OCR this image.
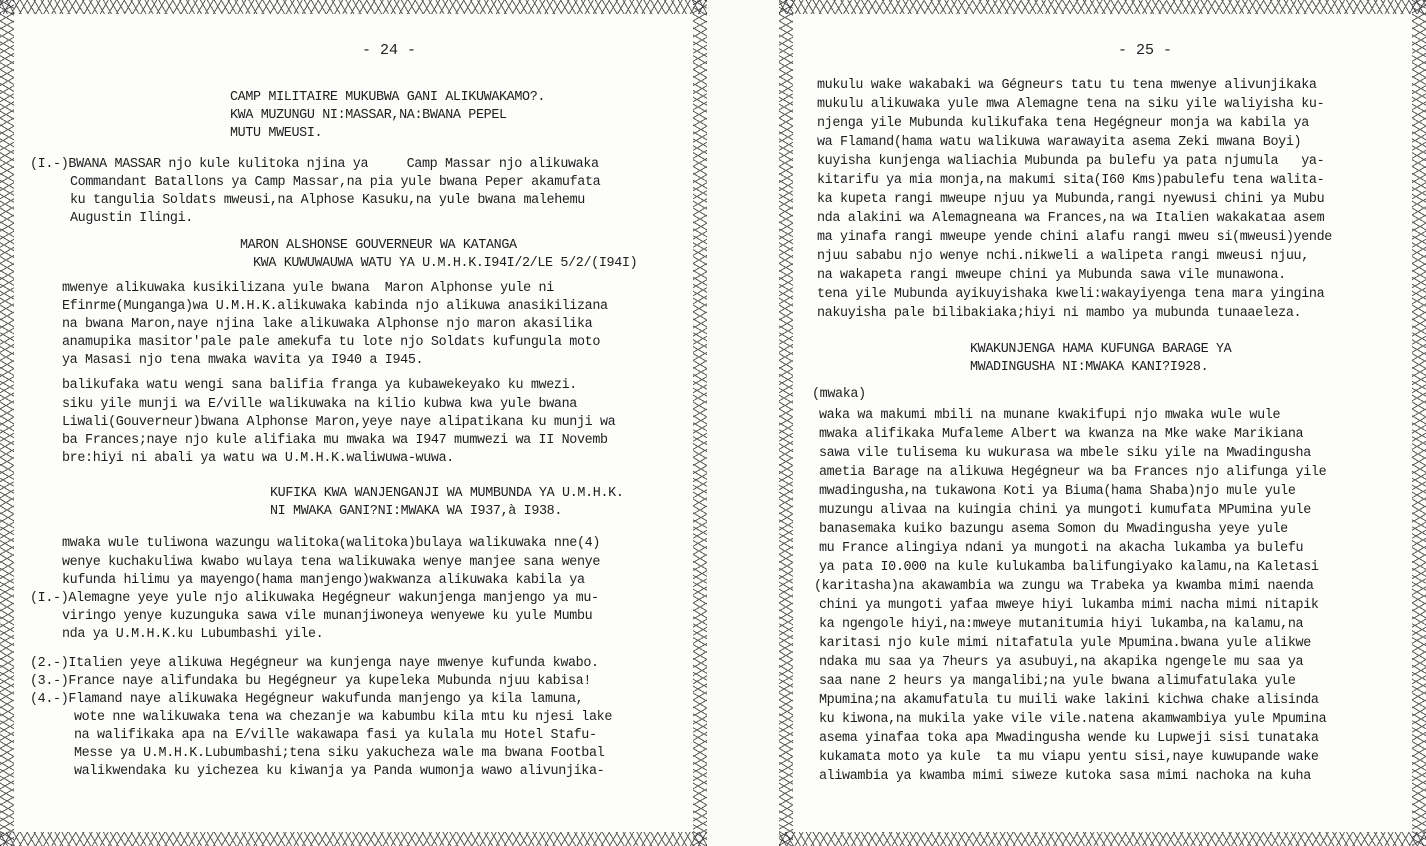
- 24 -
CAMP MILITAIRE MUKUBWA GANI ALIKUWAKAMO?.
KWA MUZUNGU NI:MASSAR,NA:BWANA PEPEL
MUTU MWEUSI.
(I.-)BWANA MASSAR njo kule kulitoka njina ya     Camp Massar njo alikuwaka
Commandant Batallons ya Camp Massar,na pia yule bwana Peper akamufata
ku tangulia Soldats mweusi,na Alphose Kasuku,na yule bwana malehemu
Augustin Ilingi.
MARON ALSHONSE GOUVERNEUR WA KATANGA
KWA KUWUWAUWA WATU YA U.M.H.K.I94I/2/LE 5/2/(I94I)
mwenye alikuwaka kusikilizana yule bwana  Maron Alphonse yule ni
Efinrme(Munganga)wa U.M.H.K.alikuwaka kabinda njo alikuwa anasikilizana
na bwana Maron,naye njina lake alikuwaka Alphonse njo maron akasilika
anamupika masitor'pale pale amekufa tu lote njo Soldats kufungula moto
ya Masasi njo tena mwaka wavita ya I940 a I945.
balikufaka watu wengi sana balifia franga ya kubawekeyako ku mwezi.
siku yile munji wa E/ville walikuwaka na kilio kubwa kwa yule bwana
Liwali(Gouverneur)bwana Alphonse Maron,yeye naye alipatikana ku munji wa
ba Frances;naye njo kule alifiaka mu mwaka wa I947 mumwezi wa II Novemb
bre:hiyi ni abali ya watu wa U.M.H.K.waliwuwa-wuwa.
KUFIKA KWA WANJENGANJI WA MUMBUNDA YA U.M.H.K.
NI MWAKA GANI?NI:MWAKA WA I937,à I938.
mwaka wule tuliwona wazungu walitoka(walitoka)bulaya walikuwaka nne(4)
wenye kuchakuliwa kwabo wulaya tena walikuwaka wenye manjee sana wenye
kufunda hilimu ya mayengo(hama manjengo)wakwanza alikuwaka kabila ya
(I.-)Alemagne yeye yule njo alikuwaka Hegégneur wakunjenga manjengo ya mu-
viringo yenye kuzunguka sawa vile munanjiwoneya wenyewe ku yule Mumbu
nda ya U.M.H.K.ku Lubumbashi yile.
(2.-)Italien yeye alikuwa Hegégneur wa kunjenga naye mwenye kufunda kwabo.
(3.-)France naye alifundaka bu Hegégneur ya kupeleka Mubunda njuu kabisa!
(4.-)Flamand naye alikuwaka Hegégneur wakufunda manjengo ya kila lamuna,
wote nne walikuwaka tena wa chezanje wa kabumbu kila mtu ku njesi lake
na walifikaka apa na E/ville wakawapa fasi ya kulala mu Hotel Stafu-
Messe ya U.M.H.K.Lubumbashi;tena siku yakucheza wale ma bwana Footbal
walikwendaka ku yichezea ku kiwanja ya Panda wumonja wawo alivunjika-
- 25 -
mukulu wake wakabaki wa Gégneurs tatu tu tena mwenye alivunjikaka
mukulu alikuwaka yule mwa Alemagne tena na siku yile waliyisha ku-
njenga yile Mubunda kulikufaka tena Hegégneur monja wa kabila ya
wa Flamand(hama watu walikuwa warawayita asema Zeki mwana Boyi)
kuyisha kunjenga waliachia Mubunda pa bulefu ya pata njumula   ya-
kitarifu ya mia monja,na makumi sita(I60 Kms)pabulefu tena walita-
ka kupeta rangi mweupe njuu ya Mubunda,rangi nyewusi chini ya Mubu
nda alakini wa Alemagneana wa Frances,na wa Italien wakakataa asem
ma yinafa rangi mweupe yende chini alafu rangi mweu si(mweusi)yende
njuu sababu njo wenye nchi.nikweli a walipeta rangi mweusi njuu,
na wakapeta rangi mweupe chini ya Mubunda sawa vile munawona.
tena yile Mubunda ayikuyishaka kweli:wakayiyenga tena mara yingina
nakuyisha pale bilibakiaka;hiyi ni mambo ya mubunda tunaaeleza.
KWAKUNJENGA HAMA KUFUNGA BARAGE YA
MWADINGUSHA NI:MWAKA KANI?I928.
(mwaka)
waka wa makumi mbili na munane kwakifupi njo mwaka wule wule
mwaka alifikaka Mufaleme Albert wa kwanza na Mke wake Marikiana
sawa vile tulisema ku wukurasa wa mbele siku yile na Mwadingusha
ametia Barage na alikuwa Hegégneur wa ba Frances njo alifunga yile
mwadingusha,na tukawona Koti ya Biuma(hama Shaba)njo mule yule
muzungu alivaa na kuingia chini ya mungoti kumufata MPumina yule
banasemaka kuiko bazungu asema Somon du Mwadingusha yeye yule
mu France alingiya ndani ya mungoti na akacha lukamba ya bulefu
ya pata I0.000 na kule kulukamba balifungiyako kalamu,na Kaletasi
(karitasha)na akawambia wa zungu wa Trabeka ya kwamba mimi naenda
chini ya mungoti yafaa mweye hiyi lukamba mimi nacha mimi nitapik
ka ngengole hiyi,na:mweye mutanitumia hiyi lukamba,na kalamu,na
karitasi njo kule mimi nitafatula yule Mpumina.bwana yule alikwe
ndaka mu saa ya 7heurs ya asubuyi,na akapika ngengele mu saa ya
saa nane 2 heurs ya mangalibi;na yule bwana alimufatulaka yule
Mpumina;na akamufatula tu muili wake lakini kichwa chake alisinda
ku kiwona,na mukila yake vile vile.natena akamwambiya yule Mpumina
asema yinafaa toka apa Mwadingusha wende ku Lupweji sisi tunataka
kukamata moto ya kule  ta mu viapu yentu sisi,naye kuwupande wake
aliwambia ya kwamba mimi siweze kutoka sasa mimi nachoka na kuha
